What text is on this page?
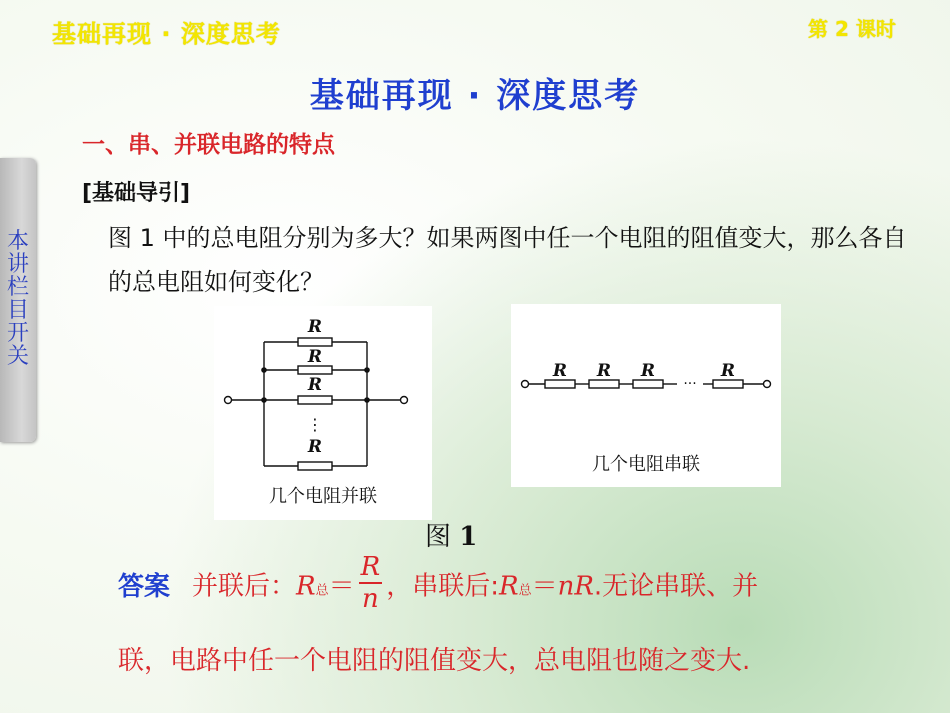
基础再现 · 深度思考	第 2 课时
基础再现 · 深度思考
本讲栏目开关
一、串、并联电路的特点
[基础导引]
图 1 中的总电阻分别为多大？如果两图中任一个电阻的阻值变大，那么各自的总电阻如何变化？
R
R
R
R
⋮
几个电阻并联
R R R	R
···
几个电阻串联
图 1
答案 并联后：R总＝ $\frac{R}{n}$ ，串联后:R总＝nR.无论串联、并
联，电路中任一个电阻的阻值变大，总电阻也随之变大.
